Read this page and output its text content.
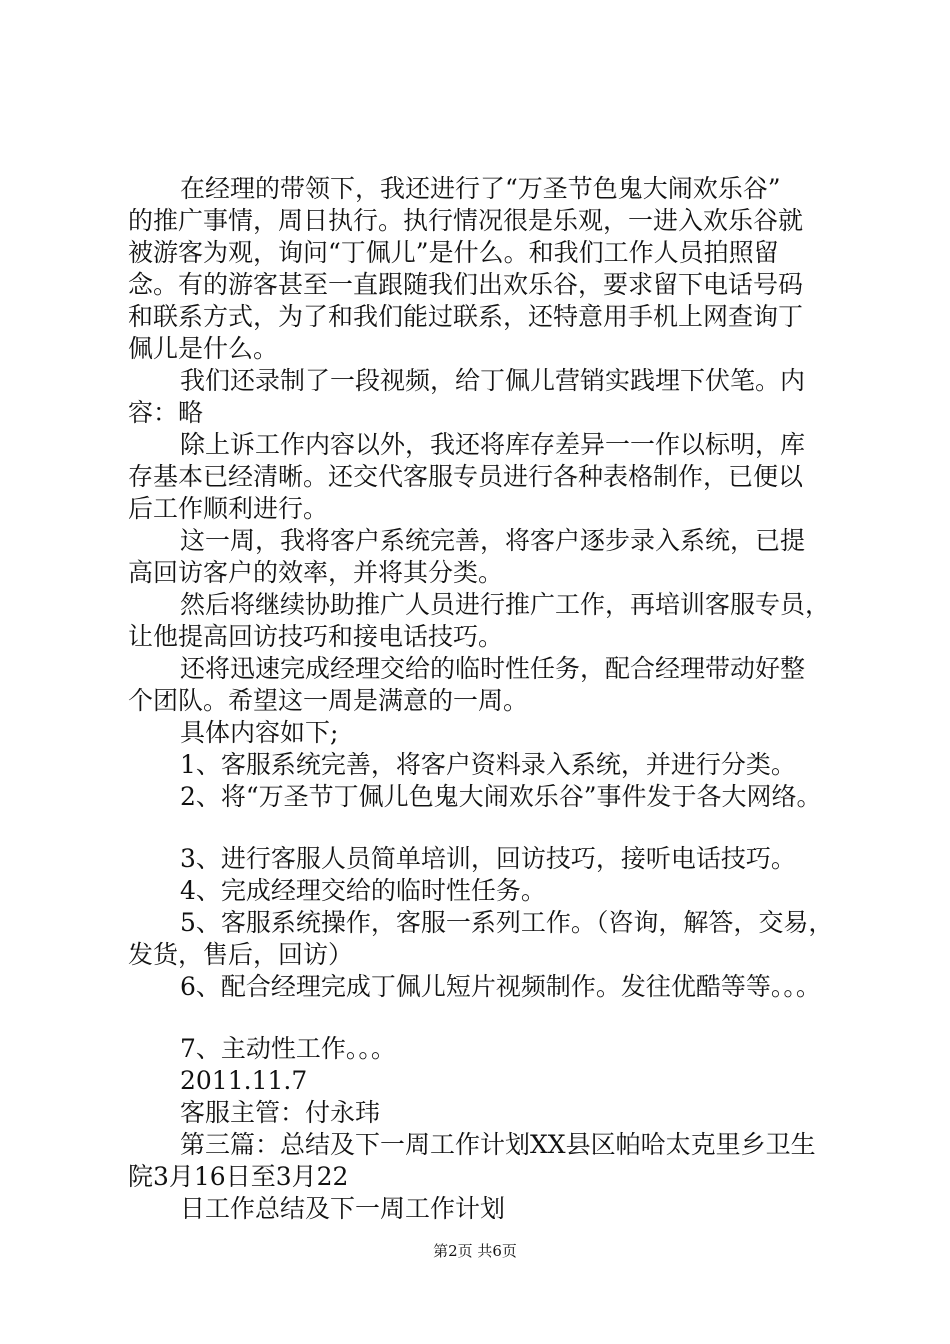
在经理的带领下，我还进行了“万圣节色鬼大闹欢乐谷”
的推广事情，周日执行。执行情况很是乐观，一进入欢乐谷就
被游客为观，询问“丁佩儿”是什么。和我们工作人员拍照留
念。有的游客甚至一直跟随我们出欢乐谷，要求留下电话号码
和联系方式，为了和我们能过联系，还特意用手机上网查询丁
佩儿是什么。
我们还录制了一段视频，给丁佩儿营销实践埋下伏笔。内
容：略
除上诉工作内容以外，我还将库存差异一一作以标明，库
存基本已经清晰。还交代客服专员进行各种表格制作，已便以
后工作顺利进行。
这一周，我将客户系统完善，将客户逐步录入系统，已提
高回访客户的效率，并将其分类。
然后将继续协助推广人员进行推广工作，再培训客服专员，
让他提高回访技巧和接电话技巧。
还将迅速完成经理交给的临时性任务，配合经理带动好整
个团队。希望这一周是满意的一周。
具体内容如下;
1、客服系统完善，将客户资料录入系统，并进行分类。
2、将“万圣节丁佩儿色鬼大闹欢乐谷”事件发于各大网络。
3、进行客服人员简单培训，回访技巧，接听电话技巧。
4、完成经理交给的临时性任务。
5、客服系统操作，客服一系列工作。（咨询，解答，交易，
发货，售后，回访）
6、配合经理完成丁佩儿短片视频制作。发往优酷等等。。。
7、主动性工作。。。
2011.11.7
客服主管：付永玮
第三篇：总结及下一周工作计划XX县区帕哈太克里乡卫生
院3月16日至3月22
日工作总结及下一周工作计划
第2页 共6页
